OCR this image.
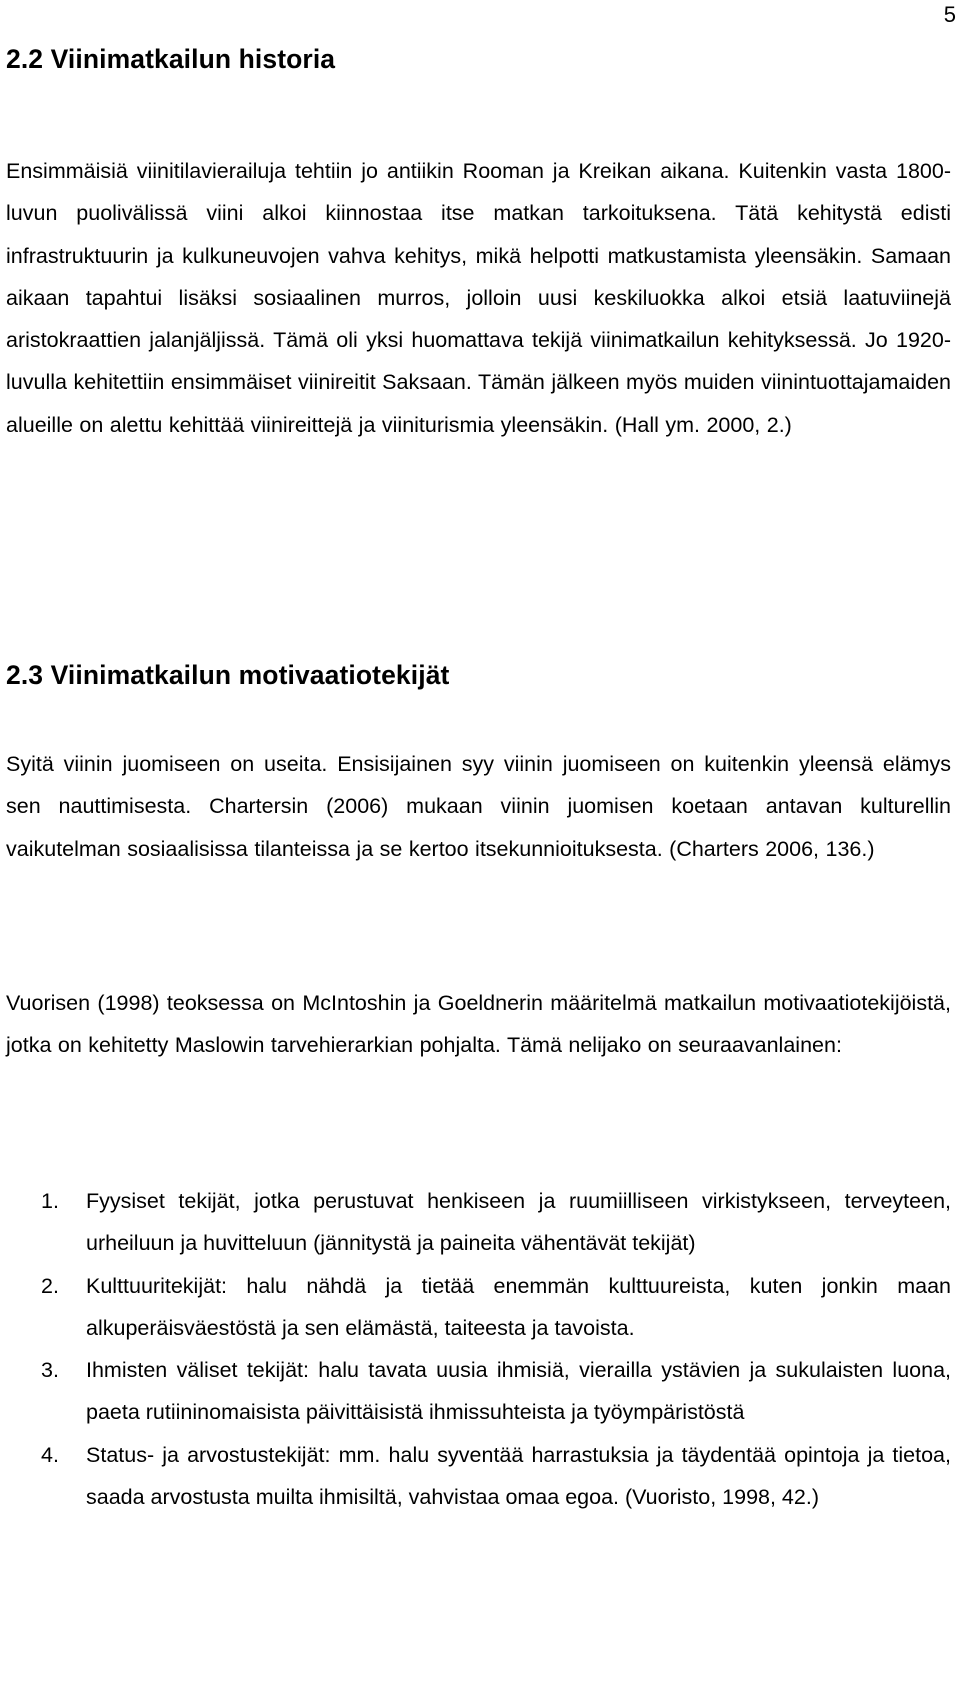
5
2.2 Viinimatkailun historia

Ensimmäisiä viinitilavierailuja tehtiin jo antiikin Rooman ja Kreikan aikana. Kuitenkin vasta 1800-luvun puolivälissä viini alkoi kiinnostaa itse matkan tarkoituksena. Tätä kehitystä edisti infrastruktuurin ja kulkuneuvojen vahva kehitys, mikä helpotti matkustamista yleensäkin. Samaan aikaan tapahtui lisäksi sosiaalinen murros, jolloin uusi keskiluokka alkoi etsiä laatuviinejä aristokraattien jalanjäljissä. Tämä oli yksi huomattava tekijä viinimatkailun kehityksessä. Jo 1920-luvulla kehitettiin ensimmäiset viinireitit Saksaan. Tämän jälkeen myös muiden viinintuottajamaiden alueille on alettu kehittää viinireittejä ja viiniturismia yleensäkin. (Hall ym. 2000, 2.)

2.3 Viinimatkailun motivaatiotekijät

Syitä viinin juomiseen on useita. Ensisijainen syy viinin juomiseen on kuitenkin yleensä elämys sen nauttimisesta. Chartersin (2006) mukaan viinin juomisen koetaan antavan kulturellin vaikutelman sosiaalisissa tilanteissa ja se kertoo itsekunnioituksesta. (Charters 2006, 136.)

Vuorisen (1998) teoksessa on McIntoshin ja Goeldnerin määritelmä matkailun motivaatiotekijöistä, jotka on kehitetty Maslowin tarvehierarkian pohjalta. Tämä nelijako on seuraavanlainen:

1. Fyysiset tekijät, jotka perustuvat henkiseen ja ruumiilliseen virkistykseen, terveyteen, urheiluun ja huvitteluun (jännitystä ja paineita vähentävät tekijät)
2. Kulttuuritekijät: halu nähdä ja tietää enemmän kulttuureista, kuten jonkin maan alkuperäisväestöstä ja sen elämästä, taiteesta ja tavoista.
3. Ihmisten väliset tekijät: halu tavata uusia ihmisiä, vierailla ystävien ja sukulaisten luona, paeta rutiininomaisista päivittäisistä ihmissuhteista ja työympäristöstä
4. Status- ja arvostustekijät: mm. halu syventää harrastuksia ja täydentää opintoja ja tietoa, saada arvostusta muilta ihmisiltä, vahvistaa omaa egoa. (Vuoristo, 1998, 42.)
